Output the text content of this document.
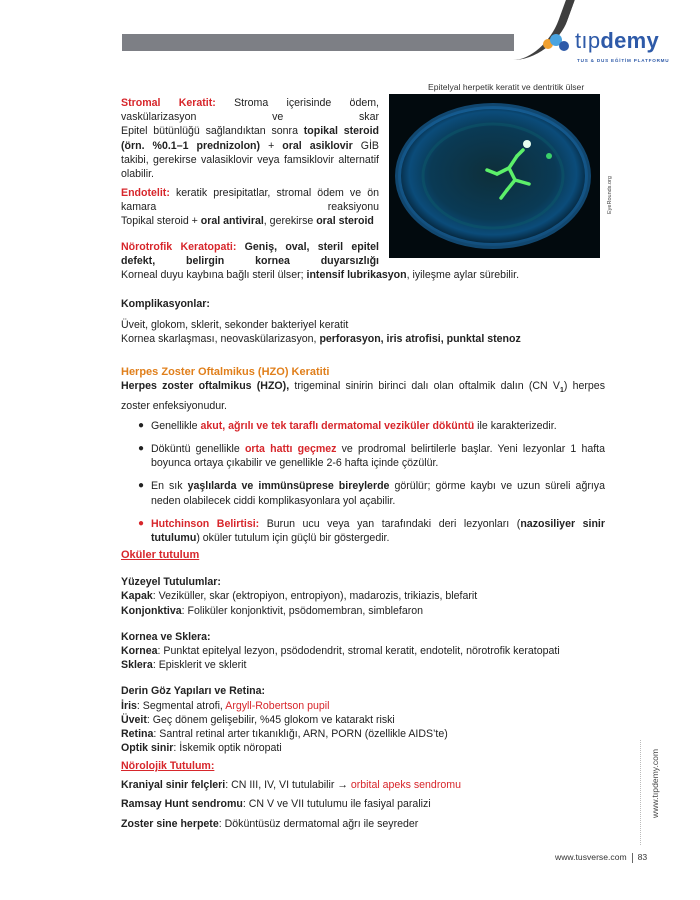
tıpdemy
TUS & DUS EĞİTİM PLATFORMU
Epitelyal herpetik keratit ve dentritik ülser
EyeRounds.org

Stromal Keratit: Stroma içerisinde ödem, vaskülarizasyon ve skar

Epitel bütünlüğü sağlandıktan sonra topikal steroid (örn. %0.1–1 prednizolon) + oral asiklovir GİB takibi, gerekirse valasiklovir veya famsiklovir alternatif olabilir.

Endotelit: keratik presipitatlar, stromal ödem ve ön kamara reaksiyonu

Topikal steroid + oral antiviral, gerekirse oral steroid

Nörotrofik Keratopati: Geniş, oval, steril epitel defekt, belirgin kornea duyarsızlığı

Korneal duyu kaybına bağlı steril ülser; intensif lubrikasyon, iyileşme aylar sürebilir.

Komplikasyonlar:

Üveit, glokom, sklerit, sekonder bakteriyel keratit

Kornea skarlaşması, neovaskülarizasyon, perforasyon, iris atrofisi, punktal stenoz

Herpes Zoster Oftalmikus (HZO) Keratiti

Herpes zoster oftalmikus (HZO), trigeminal sinirin birinci dalı olan oftalmik dalın (CN $V_1$) herpes zoster enfeksiyonudur.

● Genellikle akut, ağrılı ve tek taraflı dermatomal veziküler döküntü ile karakterizedir.
● Döküntü genellikle orta hattı geçmez ve prodromal belirtilerle başlar. Yeni lezyonlar 1 hafta boyunca ortaya çıkabilir ve genellikle 2-6 hafta içinde çözülür.
● En sık yaşlılarda ve immünsüprese bireylerde görülür; görme kaybı ve uzun süreli ağrıya neden olabilecek ciddi komplikasyonlara yol açabilir.
● Hutchinson Belirtisi: Burun ucu veya yan tarafındaki deri lezyonları (nazosiliyer sinir tutulumu) oküler tutulum için güçlü bir göstergedir.

Oküler tutulum

Yüzeyel Tutulumlar:

Kapak: Veziküller, skar (ektropiyon, entropiyon), madarozis, trikiazis, blefarit

Konjonktiva: Foliküler konjonktivit, psödomembran, simblefaron

Kornea ve Sklera:

Kornea: Punktat epitelyal lezyon, psödodendrit, stromal keratit, endotelit, nörotrofik keratopati

Sklera: Episklerit ve sklerit

Derin Göz Yapıları ve Retina:

İris: Segmental atrofi, Argyll-Robertson pupil

Üveit: Geç dönem gelişebilir, %45 glokom ve katarakt riski

Retina: Santral retinal arter tıkanıklığı, ARN, PORN (özellikle AIDS’te)

Optik sinir: İskemik optik nöropati

Nörolojik Tutulum:

Kraniyal sinir felçleri: CN III, IV, VI tutulabilir → orbital apeks sendromu

Ramsay Hunt sendromu: CN V ve VII tutulumu ile fasiyal paralizi

Zoster sine herpete: Döküntüsüz dermatomal ağrı ile seyreder

www.tıpdemy.com
www.tusverse.com 83
